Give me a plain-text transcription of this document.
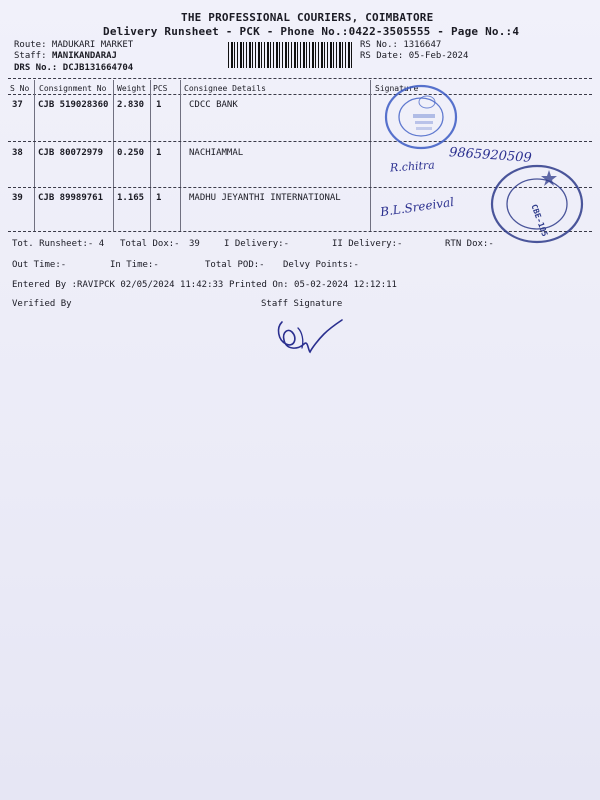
THE PROFESSIONAL COURIERS, COIMBATORE
Delivery Runsheet - PCK - Phone No.:0422-3505555 - Page No.:4
Route: MADUKARI MARKET
Staff: MANIKANDARAJ
DRS No.: DCJB131664704
RS No.: 1316647
RS Date: 05-Feb-2024
S No Consignment No Weight PCS Consignee Details	Signature
37 CJB 519028360 2.830 1	CDCC BANK
38 CJB 80072979 0.250 1	NACHIAMMAL
39 CJB 89989761 1.165 1	MADHU JEYANTHI INTERNATIONAL
Tot. Runsheet:- 4 Total Dox:- 39	I Delivery:-	II Delivery:-	RTN Dox:-
Out Time:-	In Time:-	Total POD:- Delvy Points:-
Entered By :RAVIPCK 02/05/2024 11:42:33 Printed On: 05-02-2024 12:12:11
Verified By	Staff Signature
CBE-105
9865920509
R.chitra
B.L.Sreeival
